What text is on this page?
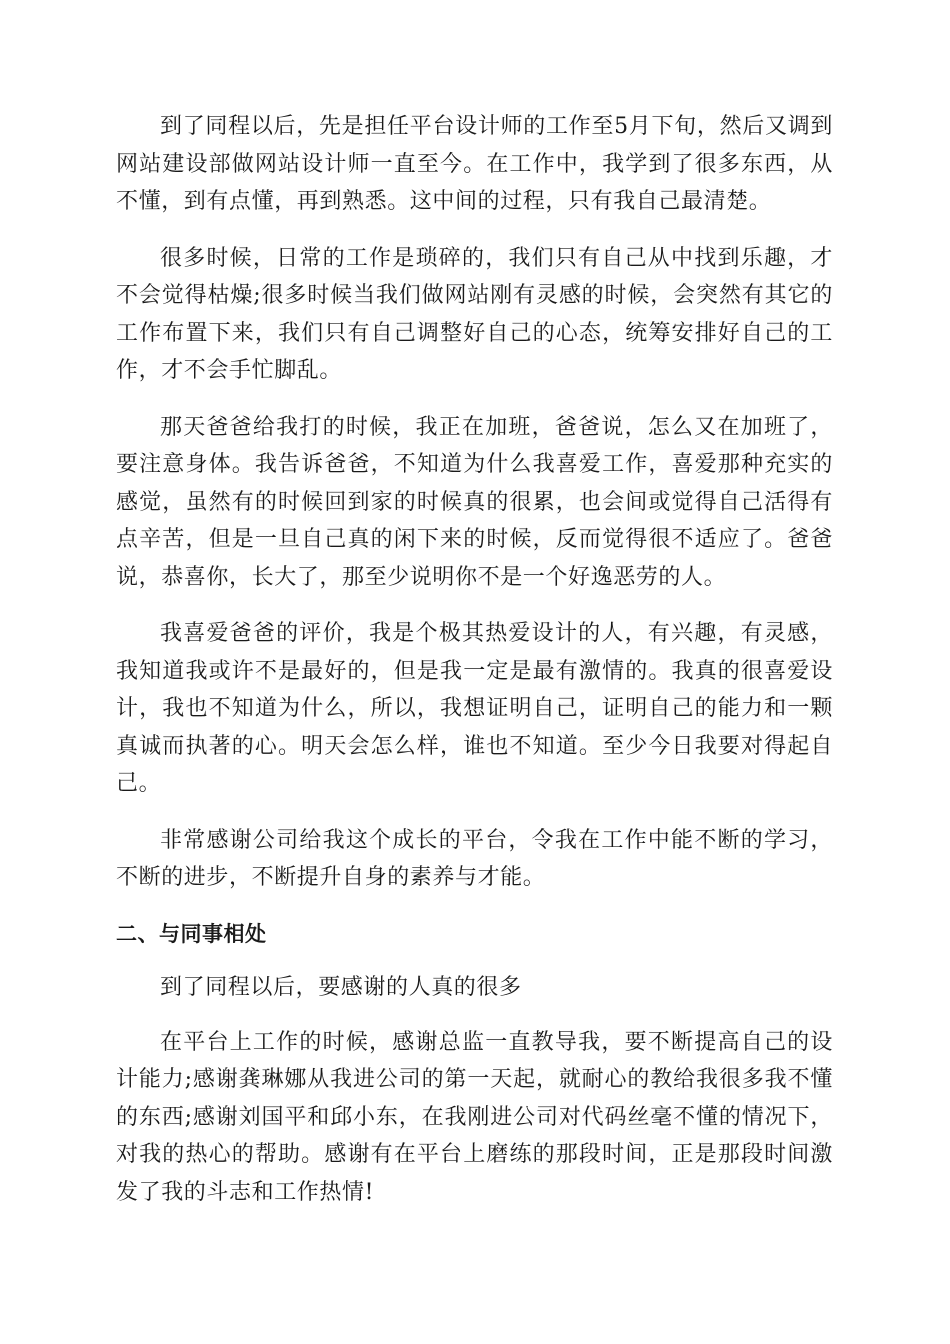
到了同程以后，先是担任平台设计师的工作至5月下旬，然后又调到网站建设部做网站设计师一直至今。在工作中，我学到了很多东西，从不懂，到有点懂，再到熟悉。这中间的过程，只有我自己最清楚。

很多时候，日常的工作是琐碎的，我们只有自己从中找到乐趣，才不会觉得枯燥;很多时候当我们做网站刚有灵感的时候，会突然有其它的工作布置下来，我们只有自己调整好自己的心态，统筹安排好自己的工作，才不会手忙脚乱。

那天爸爸给我打的时候，我正在加班，爸爸说，怎么又在加班了，要注意身体。我告诉爸爸，不知道为什么我喜爱工作，喜爱那种充实的感觉，虽然有的时候回到家的时候真的很累，也会间或觉得自己活得有点辛苦，但是一旦自己真的闲下来的时候，反而觉得很不适应了。爸爸说，恭喜你，长大了，那至少说明你不是一个好逸恶劳的人。

我喜爱爸爸的评价，我是个极其热爱设计的人，有兴趣，有灵感，我知道我或许不是最好的，但是我一定是最有激情的。我真的很喜爱设计，我也不知道为什么，所以，我想证明自己，证明自己的能力和一颗真诚而执著的心。明天会怎么样，谁也不知道。至少今日我要对得起自己。

非常感谢公司给我这个成长的平台，令我在工作中能不断的学习，不断的进步，不断提升自身的素养与才能。

二、与同事相处

到了同程以后，要感谢的人真的很多

在平台上工作的时候，感谢总监一直教导我，要不断提高自己的设计能力;感谢龚琳娜从我进公司的第一天起，就耐心的教给我很多我不懂的东西;感谢刘国平和邱小东，在我刚进公司对代码丝毫不懂的情况下，对我的热心的帮助。感谢有在平台上磨练的那段时间，正是那段时间激发了我的斗志和工作热情!
